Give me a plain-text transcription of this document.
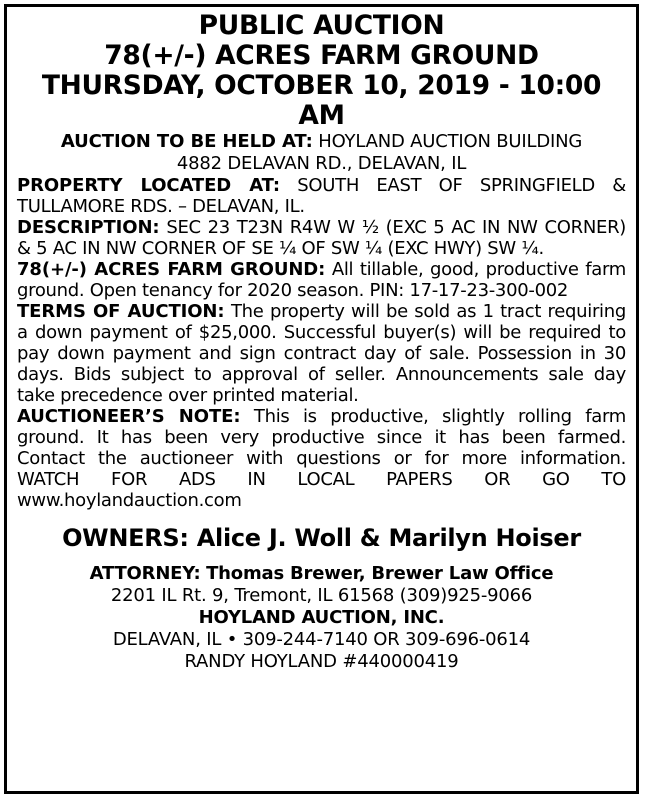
PUBLIC AUCTION
78(+/-) ACRES FARM GROUND
THURSDAY, OCTOBER 10, 2019 - 10:00 AM
AUCTION TO BE HELD AT: HOYLAND AUCTION BUILDING
4882 DELAVAN RD., DELAVAN, IL

PROPERTY LOCATED AT: SOUTH EAST OF SPRINGFIELD & TULLAMORE RDS. – DELAVAN, IL.

DESCRIPTION: SEC 23 T23N R4W W ½ (EXC 5 AC IN NW CORNER) & 5 AC IN NW CORNER OF SE ¼ OF SW ¼ (EXC HWY) SW ¼.

78(+/-) ACRES FARM GROUND: All tillable, good, productive farm ground. Open tenancy for 2020 season. PIN: 17-17-23-300-002

TERMS OF AUCTION: The property will be sold as 1 tract requiring a down payment of $25,000. Successful buyer(s) will be required to pay down payment and sign contract day of sale. Possession in 30 days. Bids subject to approval of seller. Announcements sale day take precedence over printed material.

AUCTIONEER’S NOTE: This is productive, slightly rolling farm ground. It has been very productive since it has been farmed. Contact the auctioneer with questions or for more information. WATCH FOR ADS IN LOCAL PAPERS OR GO TO www.hoylandauction.com

OWNERS: Alice J. Woll & Marilyn Hoiser
ATTORNEY: Thomas Brewer, Brewer Law Office
2201 IL Rt. 9, Tremont, IL 61568 (309)925-9066
HOYLAND AUCTION, INC.
DELAVAN, IL • 309-244-7140 OR 309-696-0614
RANDY HOYLAND #440000419
